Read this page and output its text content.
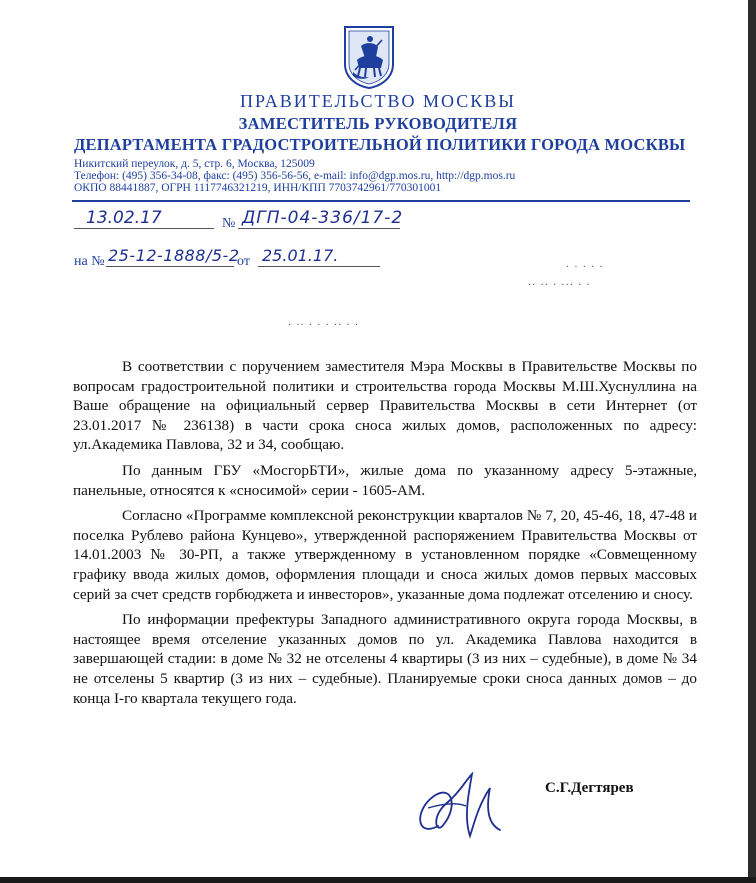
ПРАВИТЕЛЬСТВО МОСКВЫ
ЗАМЕСТИТЕЛЬ РУКОВОДИТЕЛЯ
ДЕПАРТАМЕНТА ГРАДОСТРОИТЕЛЬНОЙ ПОЛИТИКИ ГОРОДА МОСКВЫ
Никитский переулок, д. 5, стр. 6, Москва, 125009
Телефон: (495) 356-34-08, факс: (495) 356-56-56, e-mail: info@dgp.mos.ru, http://dgp.mos.ru
ОКПО 88441887, ОГРН 1117746321219, ИНН/КПП 7703742961/770301001
13.02.17	№ ДГП-04-336/17-2
на № 25-12-1888/5-2
от 25.01.17.
· · · · ·
·· ·· · ··· · ·
· ·· · · · ·· · ·

В соответствии с поручением заместителя Мэра Москвы в Правительстве Москвы по вопросам градостроительной политики и строительства города Москвы М.Ш.Хуснуллина на Ваше обращение на официальный сервер Правительства Москвы в сети Интернет (от 23.01.2017 № 236138) в части срока сноса жилых домов, расположенных по адресу: ул.Академика Павлова, 32 и 34, сообщаю.

По данным ГБУ «МосгорБТИ», жилые дома по указанному адресу 5-этажные, панельные, относятся к «сносимой» серии - 1605-АМ.

Согласно «Программе комплексной реконструкции кварталов № 7, 20, 45-46, 18, 47-48 и поселка Рублево района Кунцево», утвержденной распоряжением Правительства Москвы от 14.01.2003 № 30-РП, а также утвержденному в установленном порядке «Совмещенному графику ввода жилых домов, оформления площади и сноса жилых домов первых массовых серий за счет средств горбюджета и инвесторов», указанные дома подлежат отселению и сносу.

По информации префектуры Западного административного округа города Москвы, в настоящее время отселение указанных домов по ул. Академика Павлова находится в завершающей стадии: в доме № 32 не отселены 4 квартиры (3 из них – судебные), в доме № 34 не отселены 5 квартир (3 из них – судебные). Планируемые сроки сноса данных домов – до конца I-го квартала текущего года.

С.Г.Дегтярев
